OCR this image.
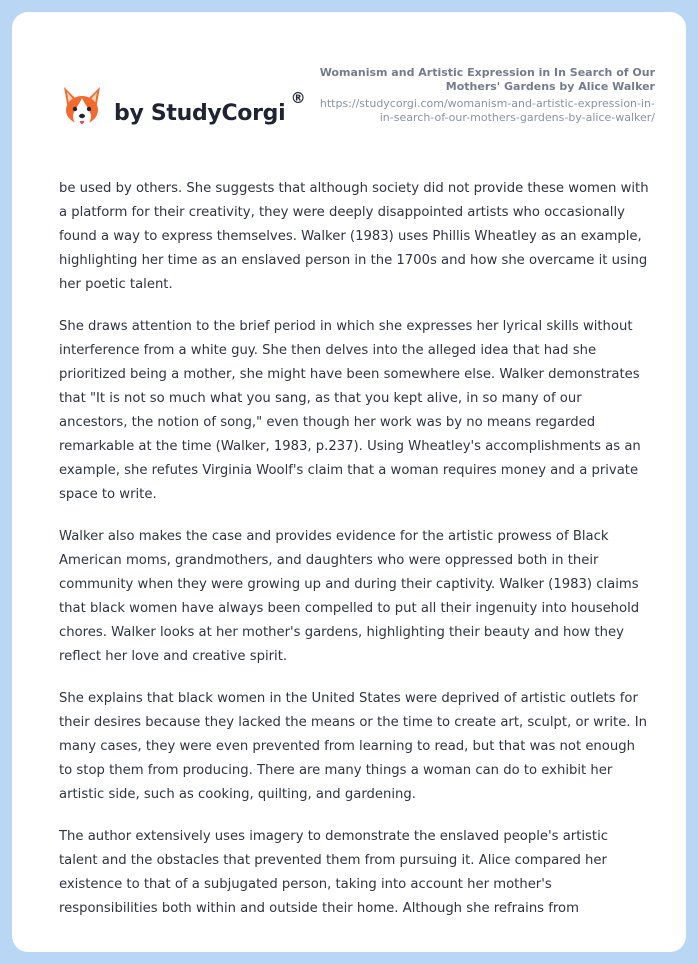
by StudyCorgi
®
Womanism and Artistic Expression in In Search of Our Mothers' Gardens by Alice Walker
https://studycorgi.com/womanism-and-artistic-expression-in-in-search-of-our-mothers-gardens-by-alice-walker/

be used by others. She suggests that although society did not provide these women with a platform for their creativity, they were deeply disappointed artists who occasionally found a way to express themselves. Walker (1983) uses Phillis Wheatley as an example, highlighting her time as an enslaved person in the 1700s and how she overcame it using her poetic talent.

She draws attention to the brief period in which she expresses her lyrical skills without interference from a white guy. She then delves into the alleged idea that had she prioritized being a mother, she might have been somewhere else. Walker demonstrates that "It is not so much what you sang, as that you kept alive, in so many of our ancestors, the notion of song," even though her work was by no means regarded remarkable at the time (Walker, 1983, p.237). Using Wheatley's accomplishments as an example, she refutes Virginia Woolf's claim that a woman requires money and a private space to write.

Walker also makes the case and provides evidence for the artistic prowess of Black American moms, grandmothers, and daughters who were oppressed both in their community when they were growing up and during their captivity. Walker (1983) claims that black women have always been compelled to put all their ingenuity into household chores. Walker looks at her mother's gardens, highlighting their beauty and how they reflect her love and creative spirit.

She explains that black women in the United States were deprived of artistic outlets for their desires because they lacked the means or the time to create art, sculpt, or write. In many cases, they were even prevented from learning to read, but that was not enough to stop them from producing. There are many things a woman can do to exhibit her artistic side, such as cooking, quilting, and gardening.

The author extensively uses imagery to demonstrate the enslaved people's artistic talent and the obstacles that prevented them from pursuing it. Alice compared her existence to that of a subjugated person, taking into account her mother's responsibilities both within and outside their home. Although she refrains from
